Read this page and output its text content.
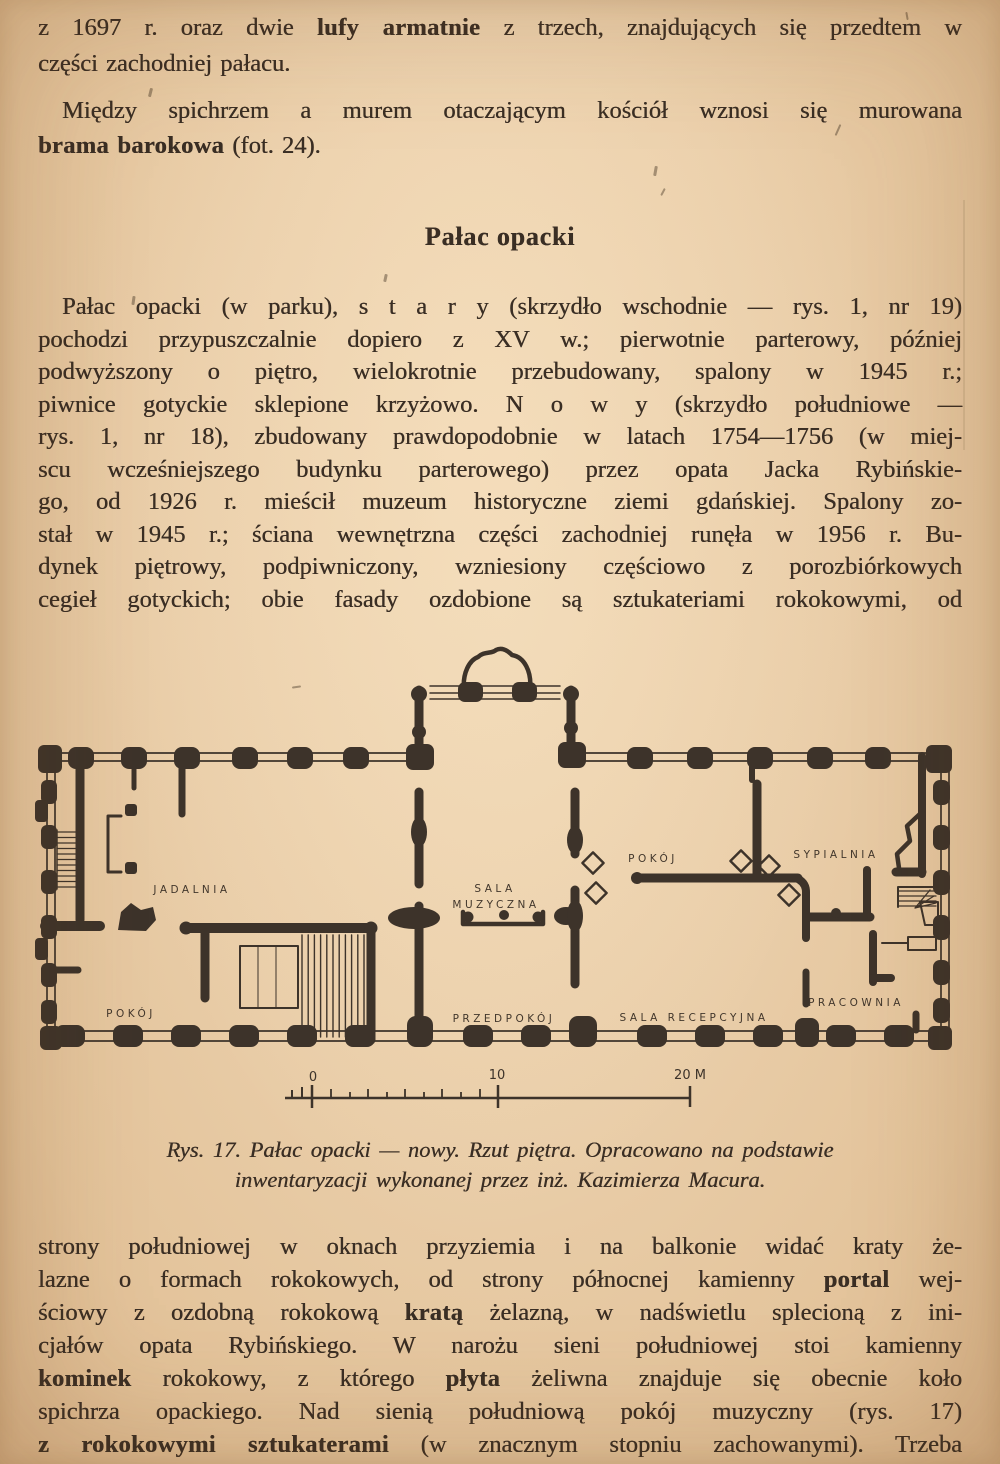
z 1697 r. oraz dwie lufy armatnie z trzech, znajdujących się przedtem w
części zachodniej pałacu.
Między spichrzem a murem otaczającym kościół wznosi się murowana
brama barokowa (fot. 24).
Pałac opacki
Pałac opacki (w parku), s t a r y (skrzydło wschodnie — rys. 1, nr 19)
pochodzi przypuszczalnie dopiero z XV w.; pierwotnie parterowy, później
podwyższony o piętro, wielokrotnie przebudowany, spalony w 1945 r.;
piwnice gotyckie sklepione krzyżowo. N o w y (skrzydło południowe —
rys. 1, nr 18), zbudowany prawdopodobnie w latach 1754—1756 (w miej-
scu wcześniejszego budynku parterowego) przez opata Jacka Rybińskie-
go, od 1926 r. mieścił muzeum historyczne ziemi gdańskiej. Spalony zo-
stał w 1945 r.; ściana wewnętrzna części zachodniej runęła w 1956 r. Bu-
dynek piętrowy, podpiwniczony, wzniesiony częściowo z porozbiórkowych
cegieł gotyckich; obie fasady ozdobione są sztukateriami rokokowymi, od
JADALNIA
POKÓJ
SALA
MUZYCZNA
PRZEDPOKÓJ	SALA RECEPCYJNA
POKÓJ	SYPIALNIA
PRACOWNIA
0	10	20 M
Rys. 17. Pałac opacki — nowy. Rzut piętra. Opracowano na podstawie
inwentaryzacji wykonanej przez inż. Kazimierza Macura.
strony południowej w oknach przyziemia i na balkonie widać kraty że-
lazne o formach rokokowych, od strony północnej kamienny portal wej-
ściowy z ozdobną rokokową kratą żelazną, w nadświetlu splecioną z ini-
cjałów opata Rybińskiego. W narożu sieni południowej stoi kamienny
kominek rokokowy, z którego płyta żeliwna znajduje się obecnie koło
spichrza opackiego. Nad sienią południową pokój muzyczny (rys. 17)
z rokokowymi sztukaterami (w znacznym stopniu zachowanymi). Trzeba
